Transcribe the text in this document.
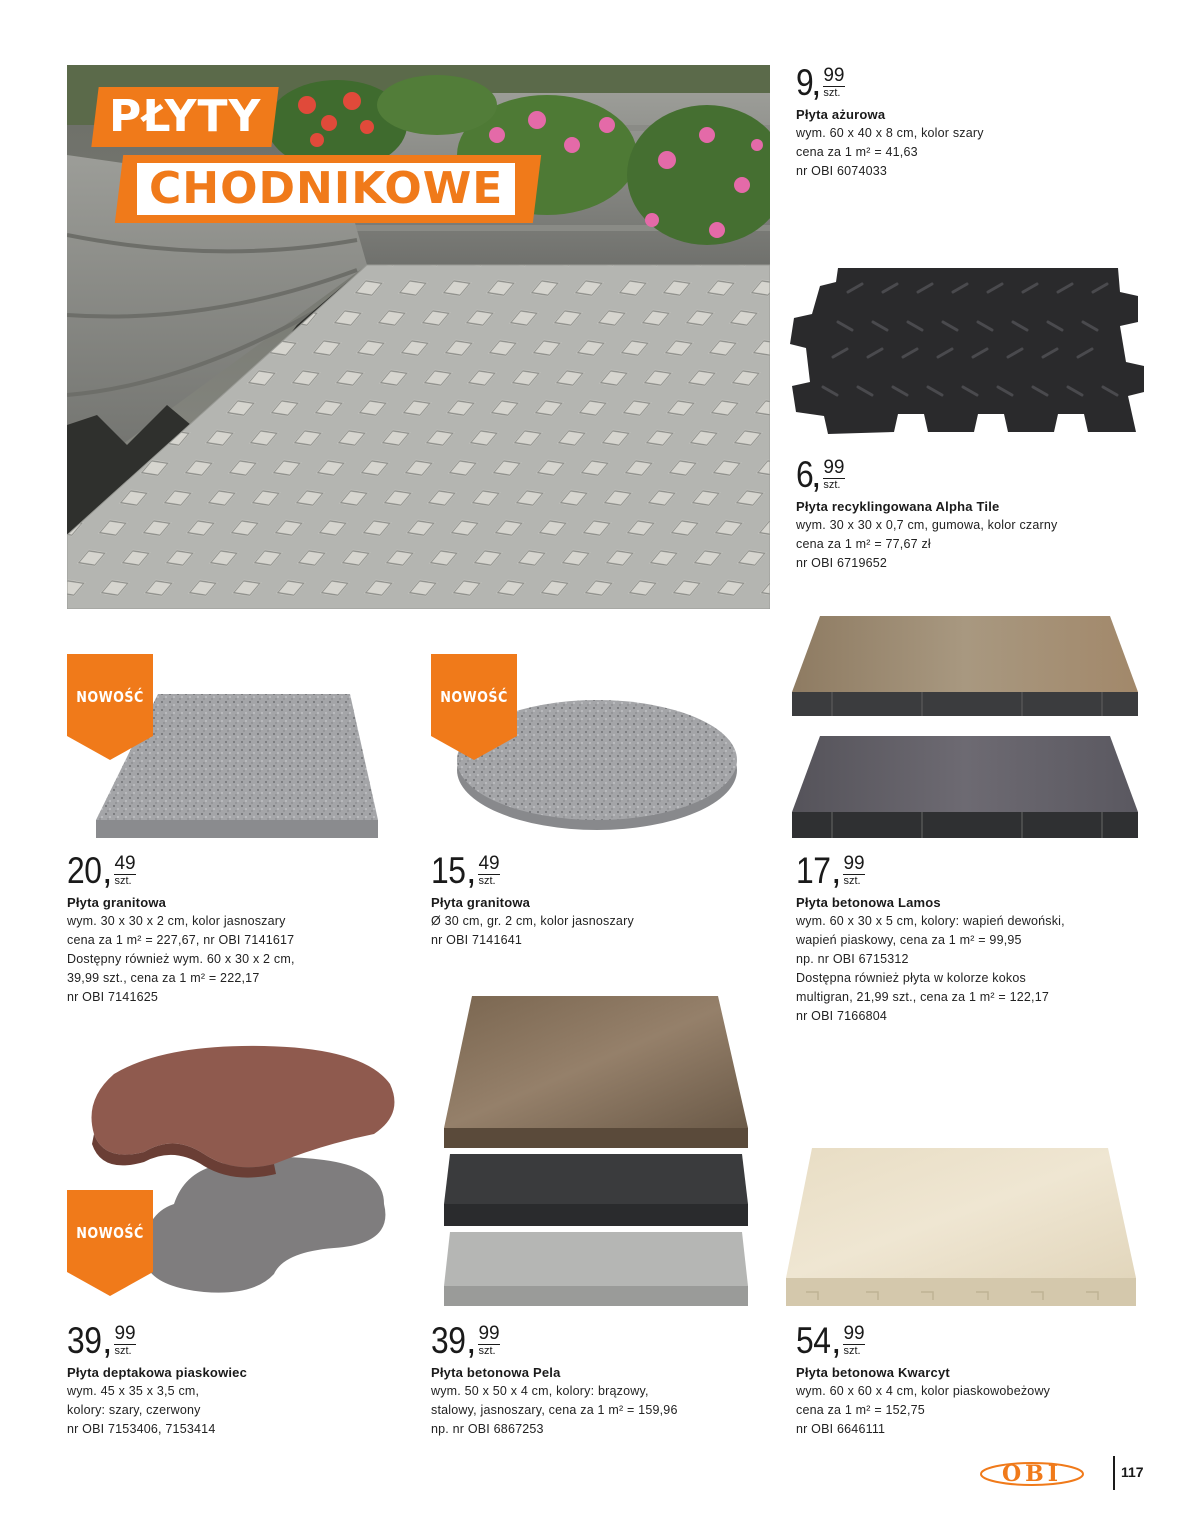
PŁYTY
CHODNIKOWE
NOWOŚĆ	NOWOŚĆ
NOWOŚĆ
9
, 99
szt.
Płyta ażurowa
wym. 60 x 40 x 8 cm, kolor szary
cena za 1 m² = 41,63
nr OBI 6074033
6
, 99
szt.
Płyta recyklingowana Alpha Tile
wym. 30 x 30 x 0,7 cm, gumowa, kolor czarny
cena za 1 m² = 77,67 zł
nr OBI 6719652
20 , 49
szt.
Płyta granitowa
wym. 30 x 30 x 2 cm, kolor jasnoszary
cena za 1 m² = 227,67, nr OBI 7141617
Dostępny również wym. 60 x 30 x 2 cm,
39,99 szt., cena za 1 m² = 222,17
nr OBI 7141625
15 , 49
szt.
Płyta granitowa
Ø 30 cm, gr. 2 cm, kolor jasnoszary
nr OBI 7141641
17 , 99
szt.
Płyta betonowa Lamos
wym. 60 x 30 x 5 cm, kolory: wapień dewoński,
wapień piaskowy, cena za 1 m² = 99,95
np. nr OBI 6715312
Dostępna również płyta w kolorze kokos
multigran, 21,99 szt., cena za 1 m² = 122,17
nr OBI 7166804
39 , 99
szt.
Płyta deptakowa piaskowiec
wym. 45 x 35 x 3,5 cm,
kolory: szary, czerwony
nr OBI 7153406, 7153414
39 , 99
szt.
Płyta betonowa Pela
wym. 50 x 50 x 4 cm, kolory: brązowy,
stalowy, jasnoszary, cena za 1 m² = 159,96
np. nr OBI 6867253
54 , 99
szt.
Płyta betonowa Kwarcyt
wym. 60 x 60 x 4 cm, kolor piaskowobeżowy
cena za 1 m² = 152,75
nr OBI 6646111
OBI	117
